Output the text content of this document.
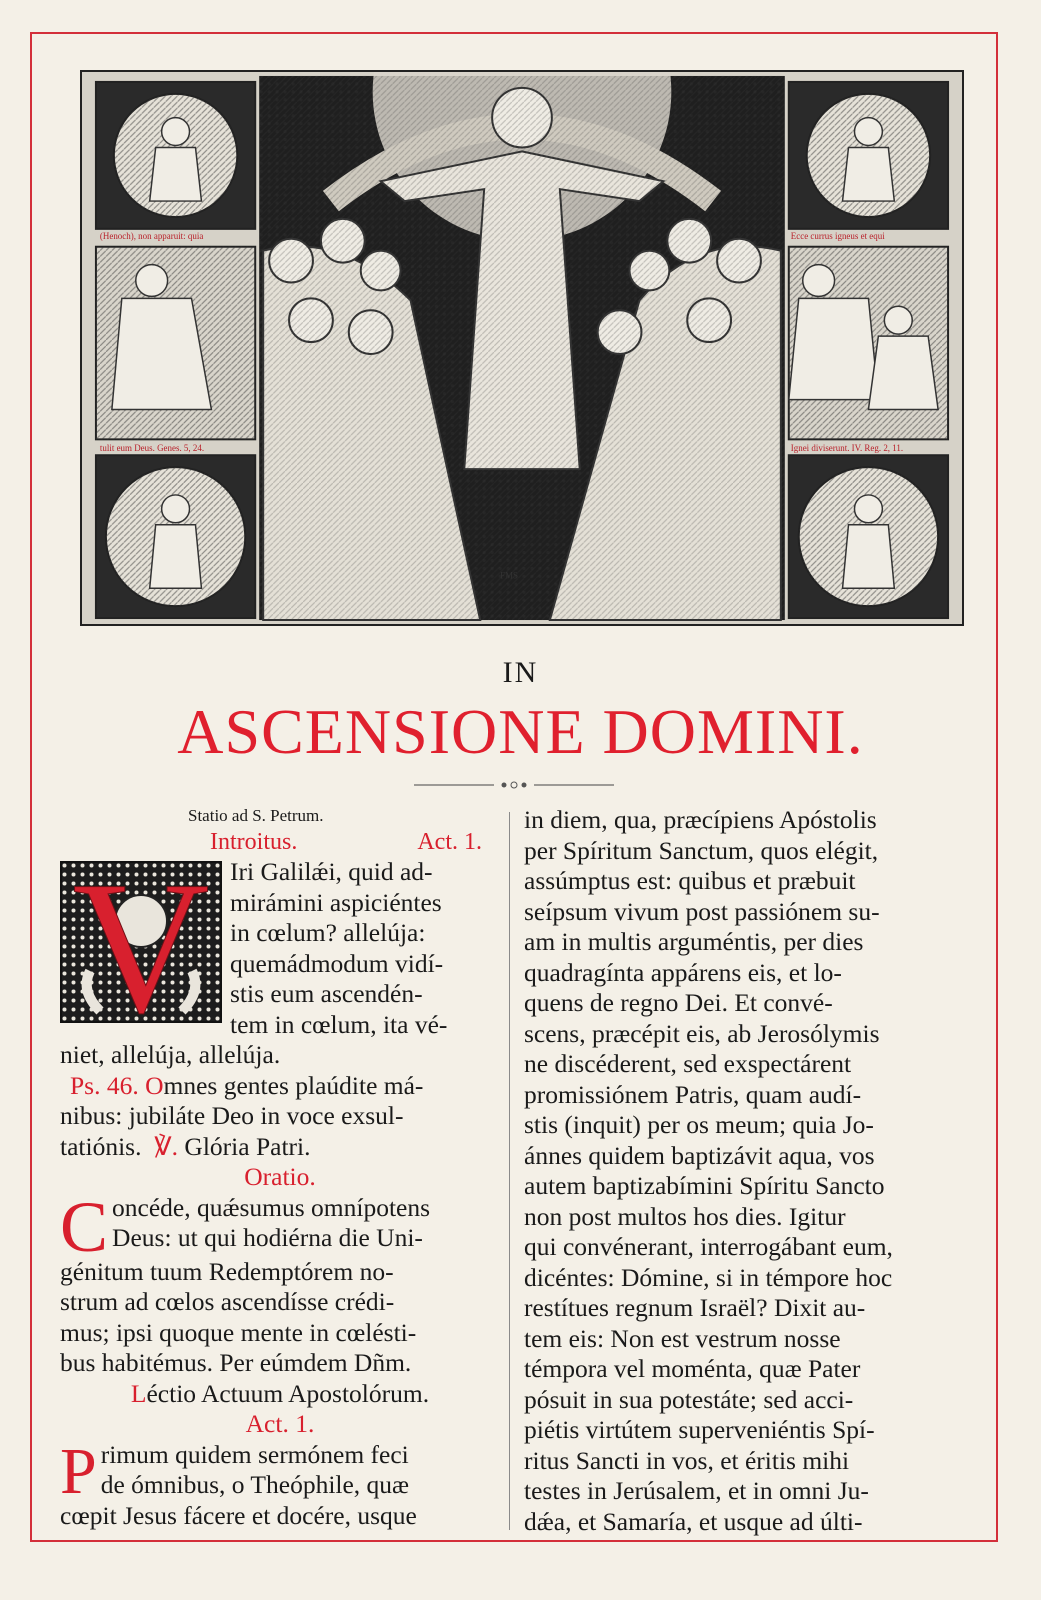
(Henoch), non apparuit: quia
tulit eum Deus. Genes. 5, 24.
Ecce currus igneus et equi
Ignei diviserunt. IV. Reg. 2, 11.
FMS
IN
ASCENSIONE DOMINI.
Statio ad S. Petrum.
Introitus.	Act. 1.
V Iri Galilǽi, quid ad-
mirámini aspiciéntes
in cœlum? allelúja:
quemádmodum vidí-
stis eum ascendén-
tem in cœlum, ita vé-
niet, allelúja, allelúja.
Ps. 46. Omnes gentes plaúdite má-
nibus: jubiláte Deo in voce exsul-
tatiónis. ℣. Glória Patri.
Oratio.
C oncéde, quǽsumus omnípotens
Deus: ut qui hodiérna die Uni-
génitum tuum Redemptórem no-
strum ad cœlos ascendísse crédi-
mus; ipsi quoque mente in cœlésti-
bus habitémus. Per eúmdem Dñm.
Léctio Actuum Apostolórum.
Act. 1.
P rimum quidem sermónem feci
de ómnibus, o Theóphile, quæ
cœpit Jesus fácere et docére, usque
in diem, qua, præcípiens Apóstolis
per Spíritum Sanctum, quos elégit,
assúmptus est: quibus et præbuit
seípsum vivum post passiónem su-
am in multis arguméntis, per dies
quadragínta appárens eis, et lo-
quens de regno Dei. Et convé-
scens, præcépit eis, ab Jerosólymis
ne discéderent, sed exspectárent
promissiónem Patris, quam audí-
stis (inquit) per os meum; quia Jo-
ánnes quidem baptizávit aqua, vos
autem baptizabímini Spíritu Sancto
non post multos hos dies. Igitur
qui convénerant, interrogábant eum,
dicéntes: Dómine, si in témpore hoc
restítues regnum Israël? Dixit au-
tem eis: Non est vestrum nosse
témpora vel moménta, quæ Pater
pósuit in sua potestáte; sed acci-
piétis virtútem superveniéntis Spí-
ritus Sancti in vos, et éritis mihi
testes in Jerúsalem, et in omni Ju-
dǽa, et Samaría, et usque ad últi-
